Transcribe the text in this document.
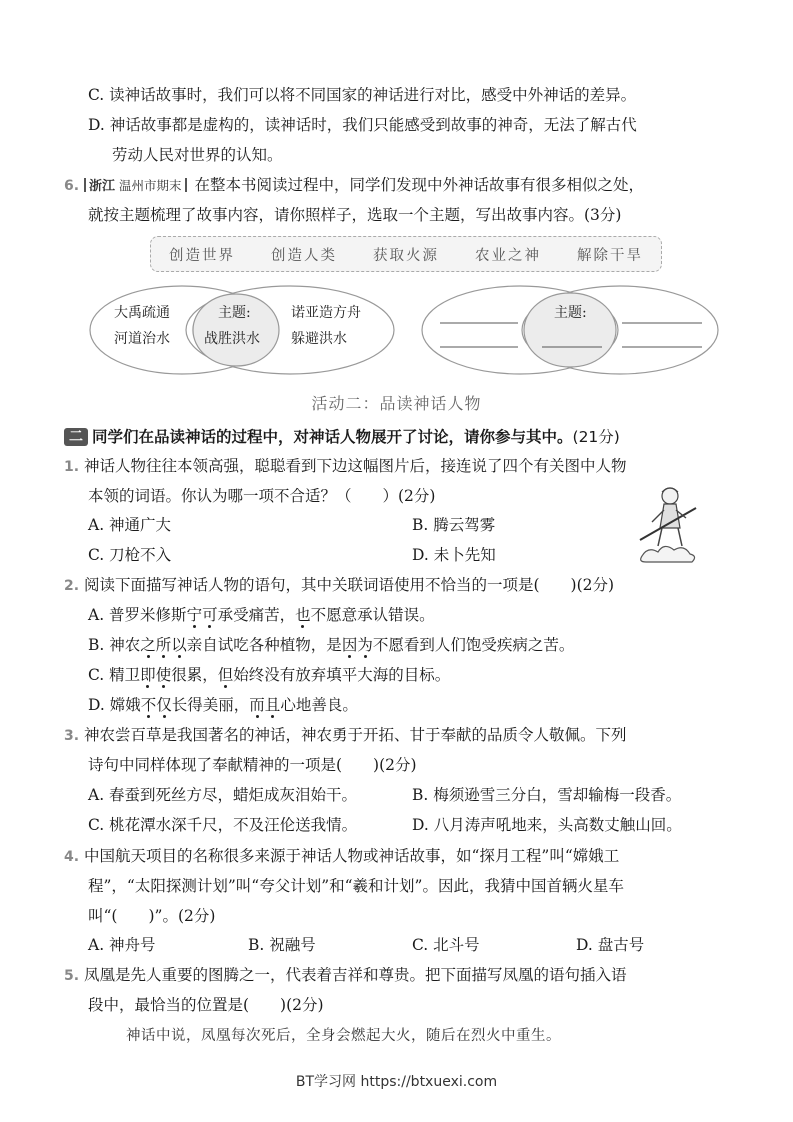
C. 读神话故事时，我们可以将不同国家的神话进行对比，感受中外神话的差异。
D. 神话故事都是虚构的，读神话时，我们只能感受到故事的神奇，无法了解古代
劳动人民对世界的认知。
6. 浙江 温州市期末 在整本书阅读过程中，同学们发现中外神话故事有很多相似之处，
就按主题梳理了故事内容，请你照样子，选取一个主题，写出故事内容。(3分)
创造世界 创造人类 获取火源 农业之神 解除干旱
大禹疏通
河道治水
主题:
战胜洪水
诺亚造方舟
躲避洪水
主题:
活动二：品读神话人物
二 同学们在品读神话的过程中，对神话人物展开了讨论，请你参与其中。(21分)
1. 神话人物往往本领高强，聪聪看到下边这幅图片后，接连说了四个有关图中人物
本领的词语。你认为哪一项不合适？（　　）(2分)
A. 神通广大	B. 腾云驾雾
C. 刀枪不入	D. 未卜先知
2. 阅读下面描写神话人物的语句，其中关联词语使用不恰当的一项是(　　)(2分)
A. 普罗米修斯宁可承受痛苦，也不愿意承认错误。
B. 神农之所以亲自试吃各种植物，是因为不愿看到人们饱受疾病之苦。
C. 精卫即使很累，但始终没有放弃填平大海的目标。
D. 嫦娥不仅长得美丽，而且心地善良。
3. 神农尝百草是我国著名的神话，神农勇于开拓、甘于奉献的品质令人敬佩。下列
诗句中同样体现了奉献精神的一项是(　　)(2分)
A. 春蚕到死丝方尽，蜡炬成灰泪始干。	B. 梅须逊雪三分白，雪却输梅一段香。
C. 桃花潭水深千尺，不及汪伦送我情。	D. 八月涛声吼地来，头高数丈触山回。
4. 中国航天项目的名称很多来源于神话人物或神话故事，如“探月工程”叫“嫦娥工
程”，“太阳探测计划”叫“夸父计划”和“羲和计划”。因此，我猜中国首辆火星车
叫“(　　)”。(2分)
A. 神舟号	B. 祝融号	C. 北斗号	D. 盘古号
5. 凤凰是先人重要的图腾之一，代表着吉祥和尊贵。把下面描写凤凰的语句插入语
段中，最恰当的位置是(　　)(2分)
神话中说，凤凰每次死后，全身会燃起大火，随后在烈火中重生。
BT学习网 https://btxuexi.com
